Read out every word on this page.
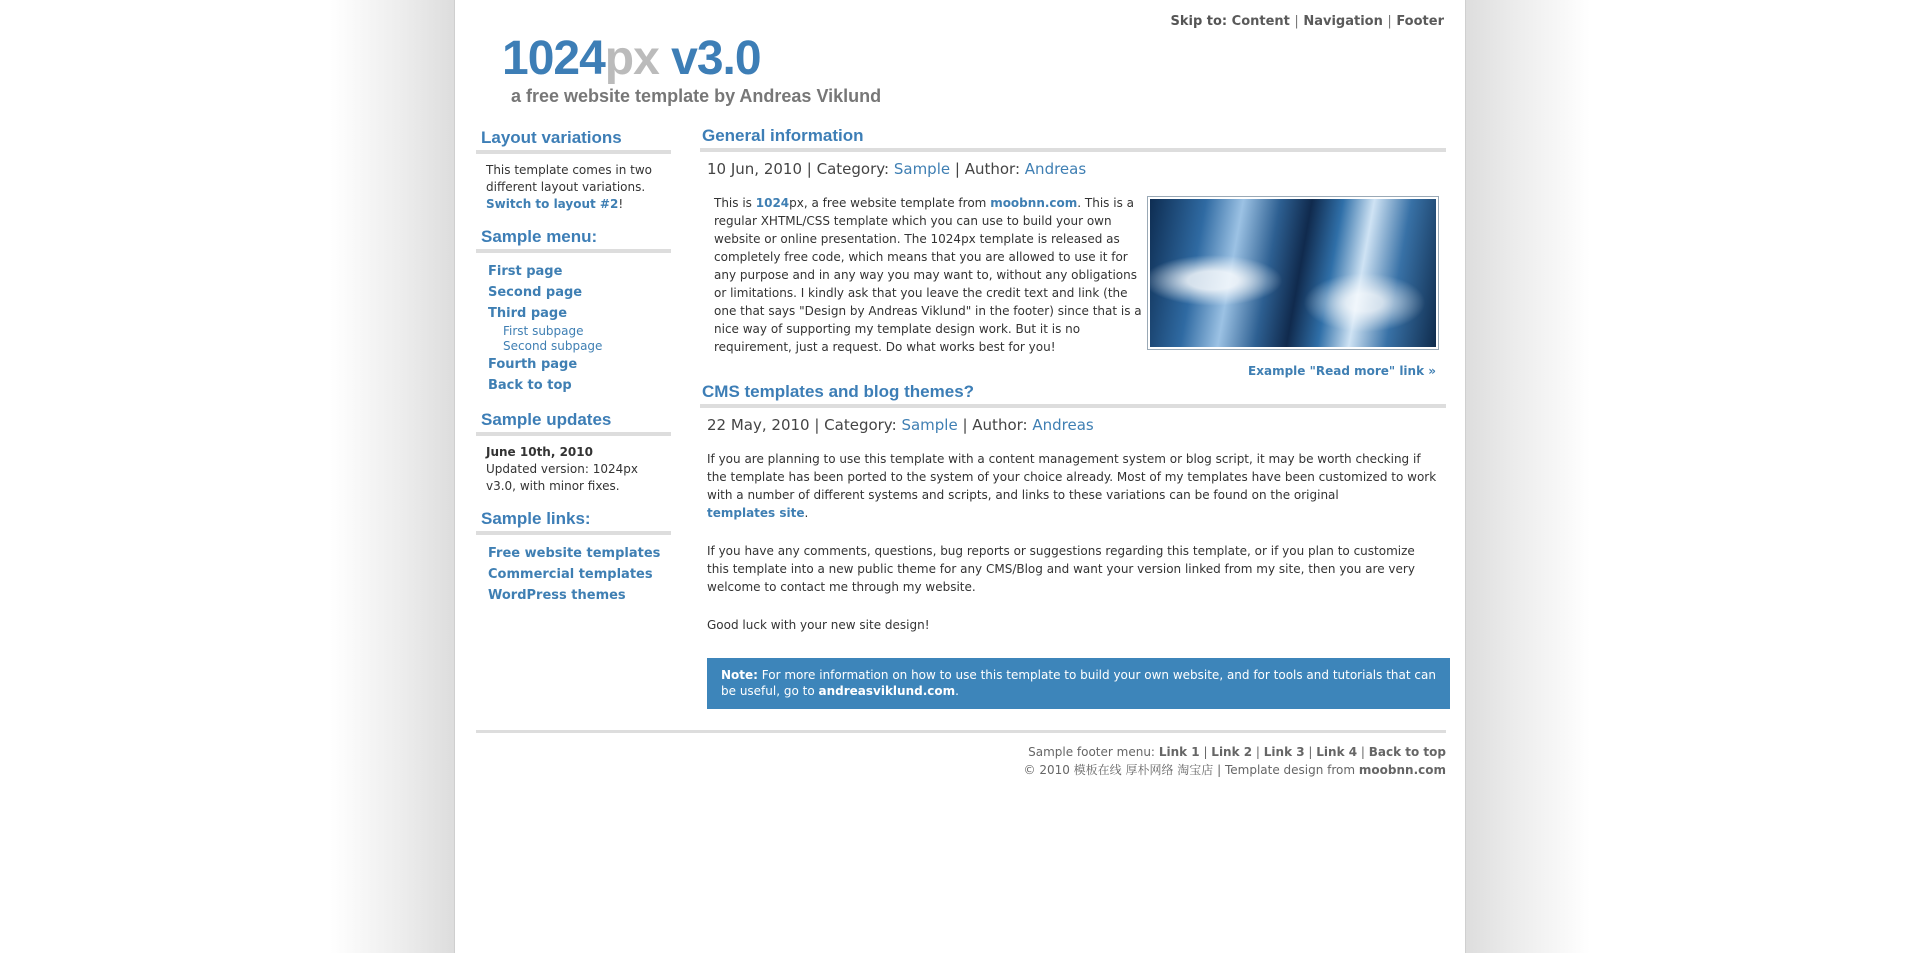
Skip to: Content | Navigation | Footer
1024px v3.0
a free website template by Andreas Viklund
Layout variations
This template comes in two different layout variations.
Switch to layout #2!
Sample menu:
First page
Second page
Third page
First subpage
Second subpage
Fourth page
Back to top
Sample updates
June 10th, 2010
Updated version: 1024px v3.0, with minor fixes.
Sample links:
Free website templates
Commercial templates
WordPress themes
General information
10 Jun, 2010 | Category: Sample | Author: Andreas
This is 1024px, a free website template from moobnn.com. This is a regular XHTML/CSS template which you can use to build your own website or online presentation. The 1024px template is released as completely free code, which means that you are allowed to use it for any purpose and in any way you may want to, without any obligations or limitations. I kindly ask that you leave the credit text and link (the one that says "Design by Andreas Viklund" in the footer) since that is a nice way of supporting my template design work. But it is no requirement, just a request. Do what works best for you!
Example "Read more" link »
CMS templates and blog themes?
22 May, 2010 | Category: Sample | Author: Andreas
If you are planning to use this template with a content management system or blog script, it may be worth checking if the template has been ported to the system of your choice already. Most of my templates have been customized to work with a number of different systems and scripts, and links to these variations can be found on the original
templates site.
If you have any comments, questions, bug reports or suggestions regarding this template, or if you plan to customize this template into a new public theme for any CMS/Blog and want your version linked from my site, then you are very welcome to contact me through my website.
Good luck with your new site design!
Note: For more information on how to use this template to build your own website, and for tools and tutorials that can be useful, go to andreasviklund.com.
Sample footer menu: Link 1 | Link 2 | Link 3 | Link 4 | Back to top
© 2010 模板在线 厚朴网络 淘宝店 | Template design from moobnn.com
